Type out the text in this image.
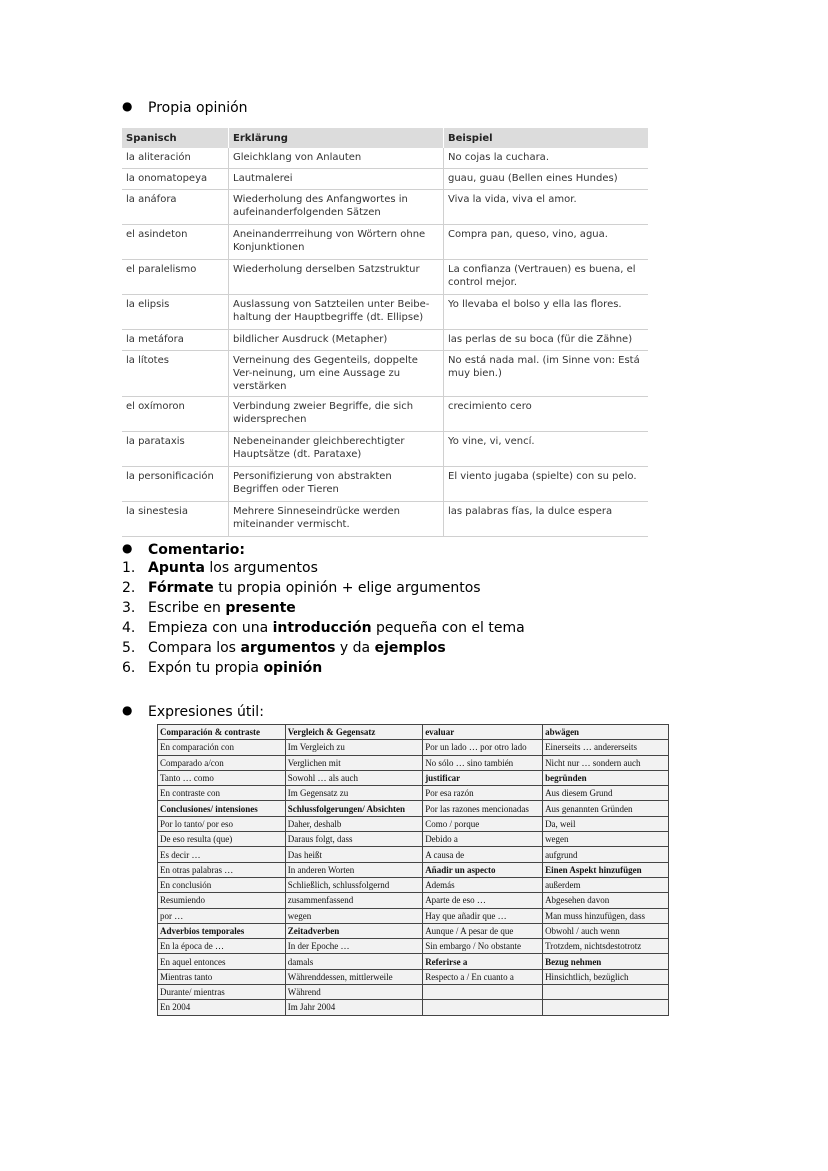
● Propia opinión
Spanisch	Erklärung	Beispiel
la aliteración	Gleichklang von Anlauten	No cojas la cuchara.
la onomatopeya	Lautmalerei	guau, guau (Bellen eines Hundes)
la anáfora	Wiederholung des Anfangwortes in aufeinanderfolgenden Sätzen	Viva la vida, viva el amor.
el asindeton	Aneinanderrreihung von Wörtern ohne Konjunktionen	Compra pan, queso, vino, agua.
el paralelismo	Wiederholung derselben Satzstruktur	La confianza (Vertrauen) es buena, el control mejor.
la elipsis	Auslassung von Satzteilen unter Beibe-haltung der Hauptbegriffe (dt. Ellipse)	Yo llevaba el bolso y ella las flores.
la metáfora	bildlicher Ausdruck (Metapher)	las perlas de su boca (für die Zähne)
la lítotes	Verneinung des Gegenteils, doppelte Ver-neinung, um eine Aussage zu verstärken	No está nada mal. (im Sinne von: Está muy bien.)
el oxímoron	Verbindung zweier Begriffe, die sich widersprechen	crecimiento cero
la parataxis	Nebeneinander gleichberechtigter Hauptsätze (dt. Parataxe)	Yo vine, vi, vencí.
la personificación	Personifizierung von abstrakten Begriffen oder Tieren	El viento jugaba (spielte) con su pelo.
la sinestesia	Mehrere Sinneseindrücke werden miteinander vermischt.	las palabras fías, la dulce espera
● Comentario:
1. Apunta los argumentos
2. Fórmate tu propia opinión + elige argumentos
3. Escribe en presente
4. Empieza con una introducción pequeña con el tema
5. Compara los argumentos y da ejemplos
6. Expón tu propia opinión
● Expresiones útil:
Comparación & contraste	Vergleich & Gegensatz	evaluar	abwägen
En comparación con	Im Vergleich zu	Por un lado … por otro lado	Einerseits … andererseits
Comparado a/con	Verglichen mit	No sólo … sino también	Nicht nur … sondern auch
Tanto … como	Sowohl … als auch	justificar	begründen
En contraste con	Im Gegensatz zu	Por esa razón	Aus diesem Grund
Conclusiones/ intensiones	Schlussfolgerungen/ Absichten	Por las razones mencionadas	Aus genannten Gründen
Por lo tanto/ por eso	Daher, deshalb	Como / porque	Da, weil
De eso resulta (que)	Daraus folgt, dass	Debido a	wegen
Es decir …	Das heißt	A causa de	aufgrund
En otras palabras …	In anderen Worten	Añadir un aspecto	Einen Aspekt hinzufügen
En conclusión	Schließlich, schlussfolgernd	Además	außerdem
Resumiendo	zusammenfassend	Aparte de eso …	Abgesehen davon
por …	wegen	Hay que añadir que …	Man muss hinzufügen, dass
Adverbios temporales	Zeitadverben	Aunque / A pesar de que	Obwohl / auch wenn
En la época de …	In der Epoche …	Sin embargo / No obstante	Trotzdem, nichtsdestotrotz
En aquel entonces	damals	Referirse a	Bezug nehmen
Mientras tanto	Währenddessen, mittlerweile	Respecto a / En cuanto a	Hinsichtlich, bezüglich
Durante/ mientras	Während		
En 2004	Im Jahr 2004		
